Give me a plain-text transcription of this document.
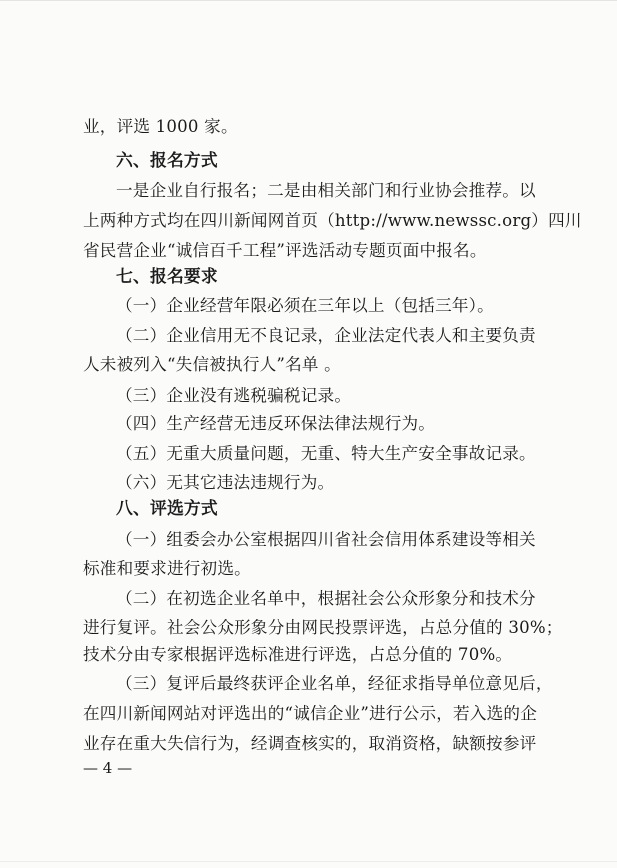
业，评选 1000 家。
六、报名方式
一是企业自行报名；二是由相关部门和行业协会推荐。以
上两种方式均在四川新闻网首页（http://www.newssc.org）四川
省民营企业“诚信百千工程”评选活动专题页面中报名。
七、报名要求
（一）企业经营年限必须在三年以上（包括三年）。
（二）企业信用无不良记录，企业法定代表人和主要负责
人未被列入“失信被执行人”名单 。
（三）企业没有逃税骗税记录。
（四）生产经营无违反环保法律法规行为。
（五）无重大质量问题，无重、特大生产安全事故记录。
（六）无其它违法违规行为。
八、评选方式
（一）组委会办公室根据四川省社会信用体系建设等相关
标准和要求进行初选。
（二）在初选企业名单中，根据社会公众形象分和技术分
进行复评。社会公众形象分由网民投票评选，占总分值的 30%；
技术分由专家根据评选标准进行评选，占总分值的 70%。
（三）复评后最终获评企业名单，经征求指导单位意见后，
在四川新闻网站对评选出的“诚信企业”进行公示，若入选的企
业存在重大失信行为，经调查核实的，取消资格，缺额按参评
— 4 —
